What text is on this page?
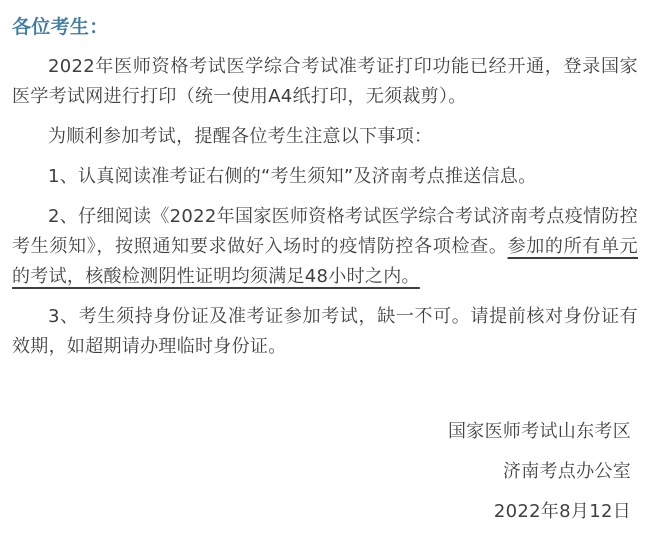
各位考生：

2022年医师资格考试医学综合考试准考证打印功能已经开通，登录国家医学考试网进行打印（统一使用A4纸打印，无须裁剪）。

为顺利参加考试，提醒各位考生注意以下事项：

1、认真阅读准考证右侧的“考生须知”及济南考点推送信息。

2、仔细阅读《2022年国家医师资格考试医学综合考试济南考点疫情防控考生须知》，按照通知要求做好入场时的疫情防控各项检查。参加的所有单元的考试，核酸检测阴性证明均须满足48小时之内。

3、考生须持身份证及准考证参加考试，缺一不可。请提前核对身份证有效期，如超期请办理临时身份证。

国家医师考试山东考区

济南考点办公室

2022年8月12日
